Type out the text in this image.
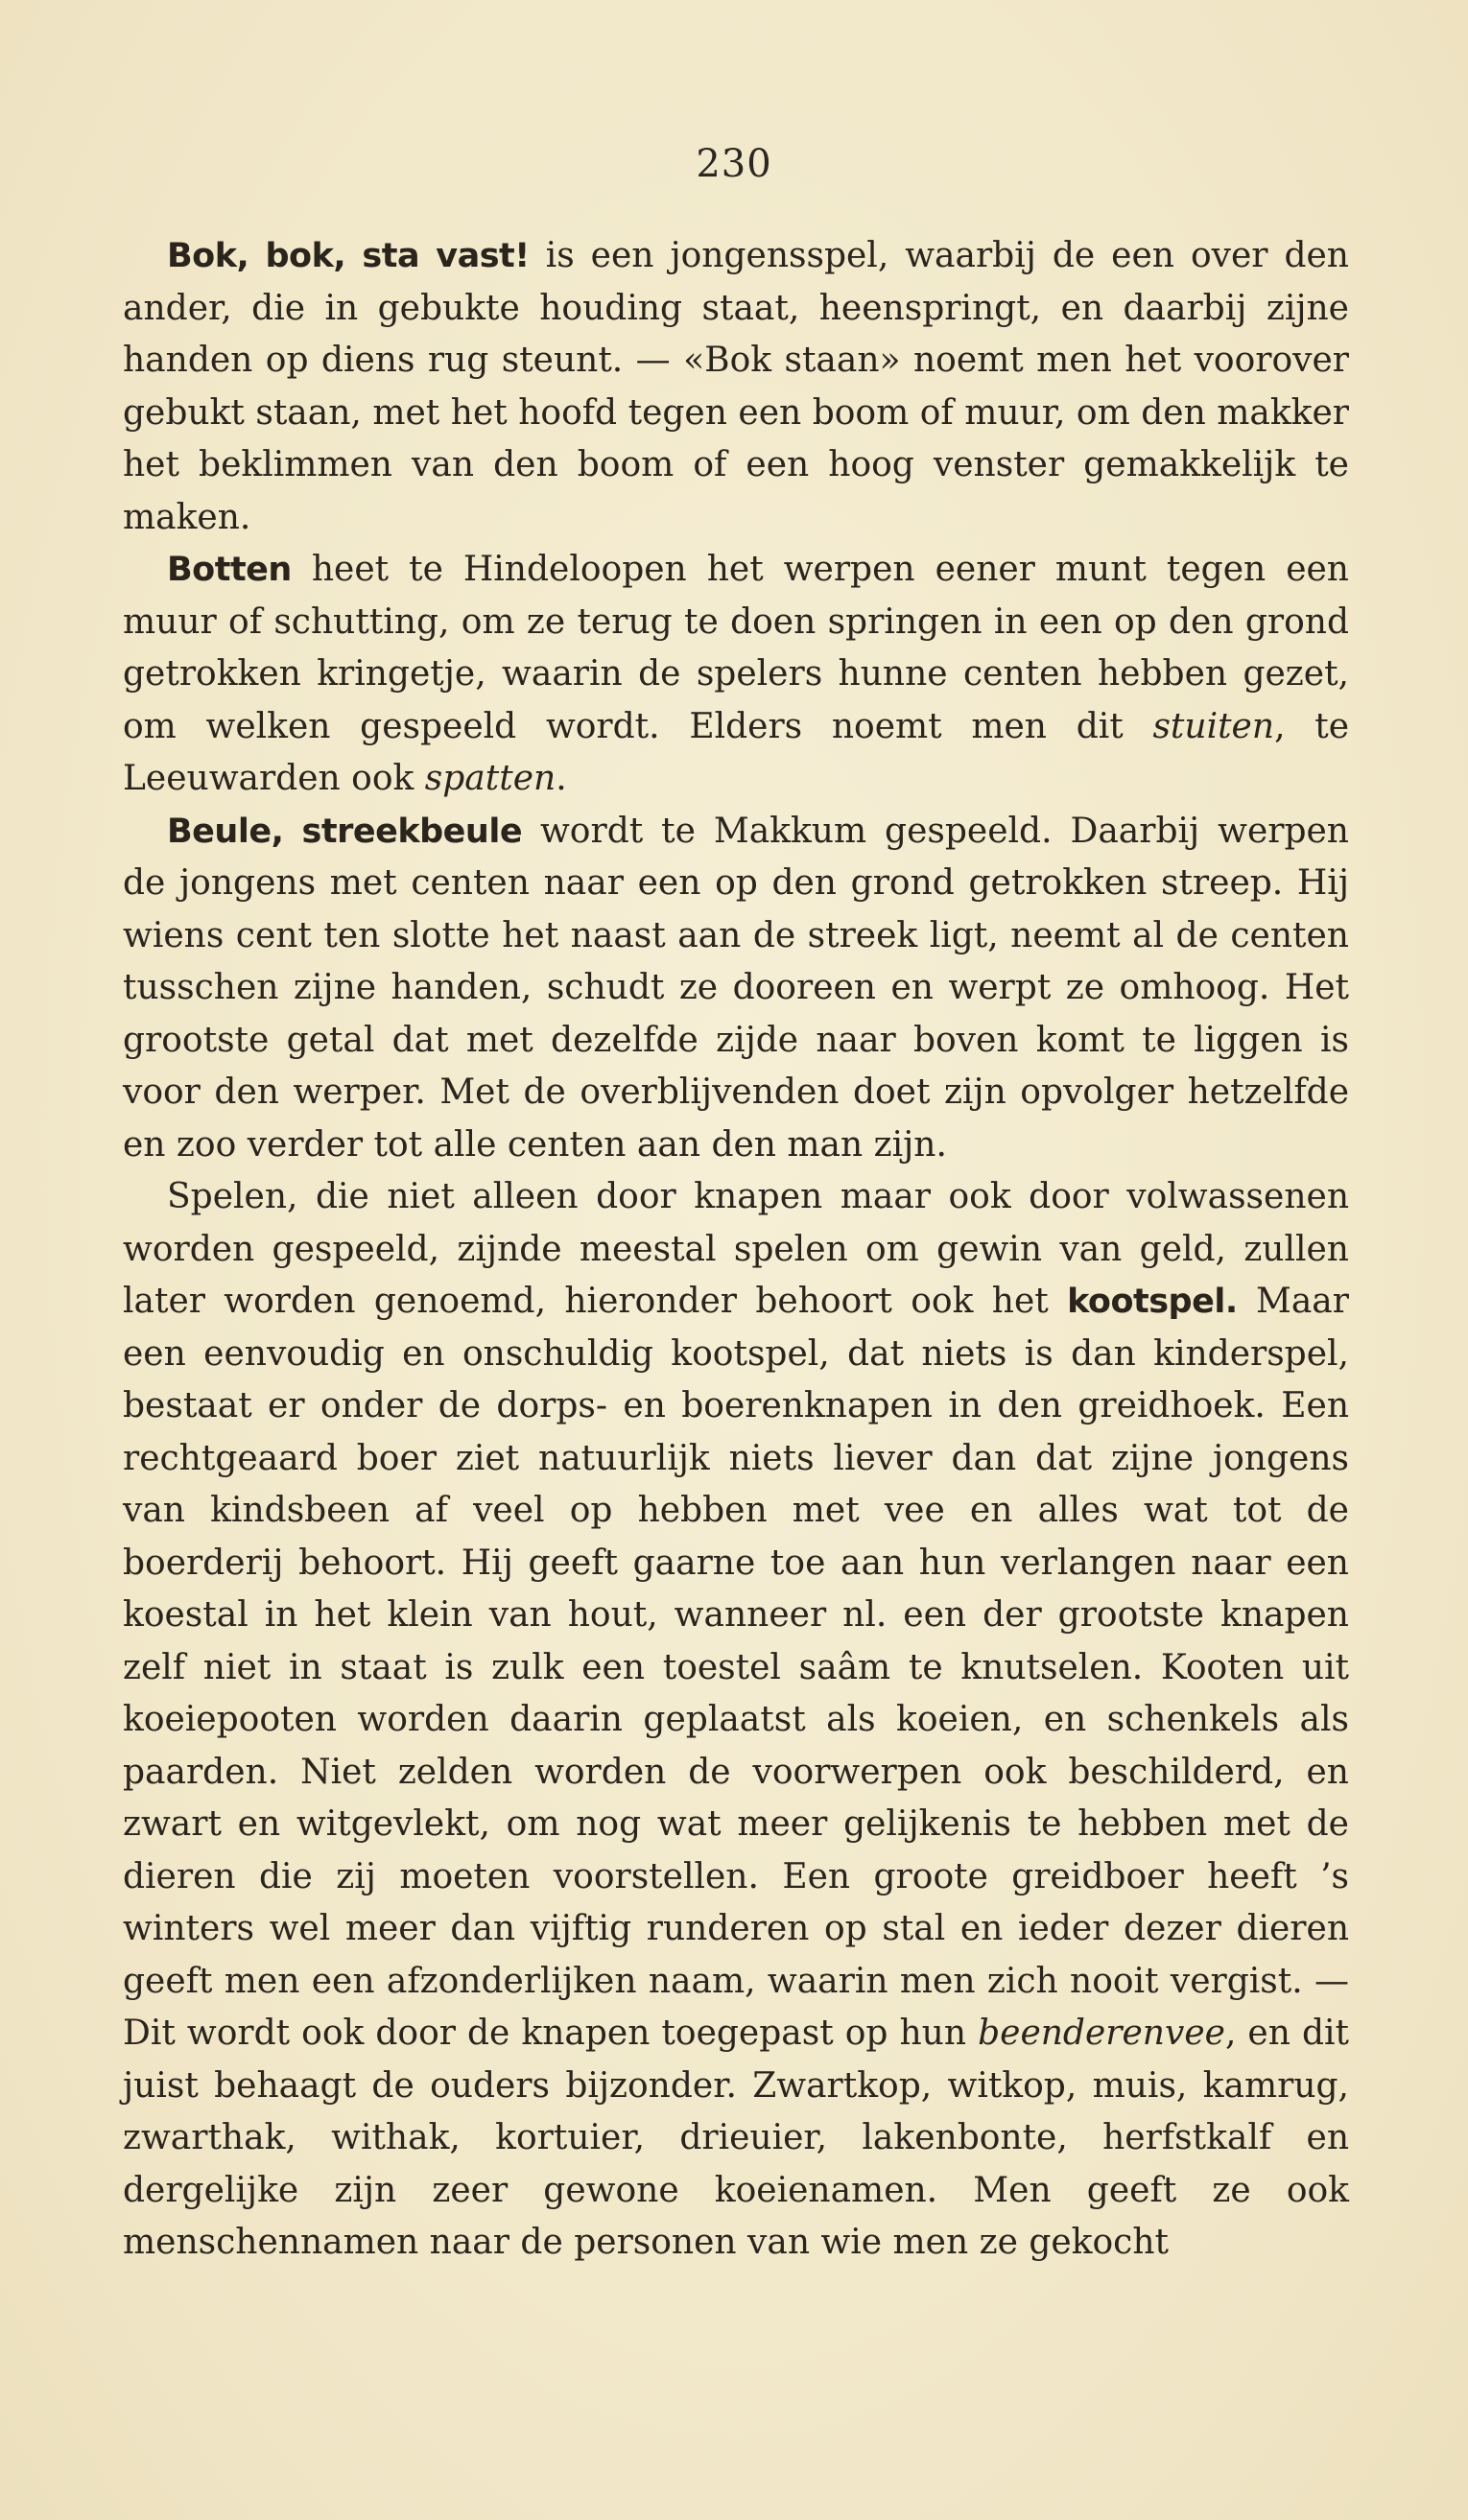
230

Bok, bok, sta vast! is een jongensspel, waarbij de een over den ander, die in gebukte houding staat, heenspringt, en daarbij zijne handen op diens rug steunt. — «Bok staan» noemt men het voorover gebukt staan, met het hoofd tegen een boom of muur, om den makker het beklimmen van den boom of een hoog venster gemakkelijk te maken.

Botten heet te Hindeloopen het werpen eener munt tegen een muur of schutting, om ze terug te doen springen in een op den grond getrokken kringetje, waarin de spelers hunne centen hebben gezet, om welken gespeeld wordt. Elders noemt men dit stuiten, te Leeuwarden ook spatten.

Beule, streekbeule wordt te Makkum gespeeld. Daarbij werpen de jongens met centen naar een op den grond getrokken streep. Hij wiens cent ten slotte het naast aan de streek ligt, neemt al de centen tusschen zijne handen, schudt ze dooreen en werpt ze omhoog. Het grootste getal dat met dezelfde zijde naar boven komt te liggen is voor den werper. Met de overblijvenden doet zijn opvolger hetzelfde en zoo verder tot alle centen aan den man zijn.

Spelen, die niet alleen door knapen maar ook door volwassenen worden gespeeld, zijnde meestal spelen om gewin van geld, zullen later worden genoemd, hieronder behoort ook het kootspel. Maar een eenvoudig en onschuldig kootspel, dat niets is dan kinderspel, bestaat er onder de dorps- en boerenknapen in den greidhoek. Een rechtgeaard boer ziet natuurlijk niets liever dan dat zijne jongens van kindsbeen af veel op hebben met vee en alles wat tot de boerderij behoort. Hij geeft gaarne toe aan hun verlangen naar een koestal in het klein van hout, wanneer nl. een der grootste knapen zelf niet in staat is zulk een toestel saâm te knutselen. Kooten uit koeiepooten worden daarin geplaatst als koeien, en schenkels als paarden. Niet zelden worden de voorwerpen ook beschilderd, en zwart en witgevlekt, om nog wat meer gelijkenis te hebben met de dieren die zij moeten voorstellen. Een groote greidboer heeft ’s winters wel meer dan vijftig runderen op stal en ieder dezer dieren geeft men een afzonderlijken naam, waarin men zich nooit vergist. — Dit wordt ook door de knapen toegepast op hun beenderenvee, en dit juist behaagt de ouders bijzonder. Zwartkop, witkop, muis, kamrug, zwarthak, withak, kortuier, drieuier, lakenbonte, herfstkalf en dergelijke zijn zeer gewone koeienamen. Men geeft ze ook menschennamen naar de personen van wie men ze gekocht
